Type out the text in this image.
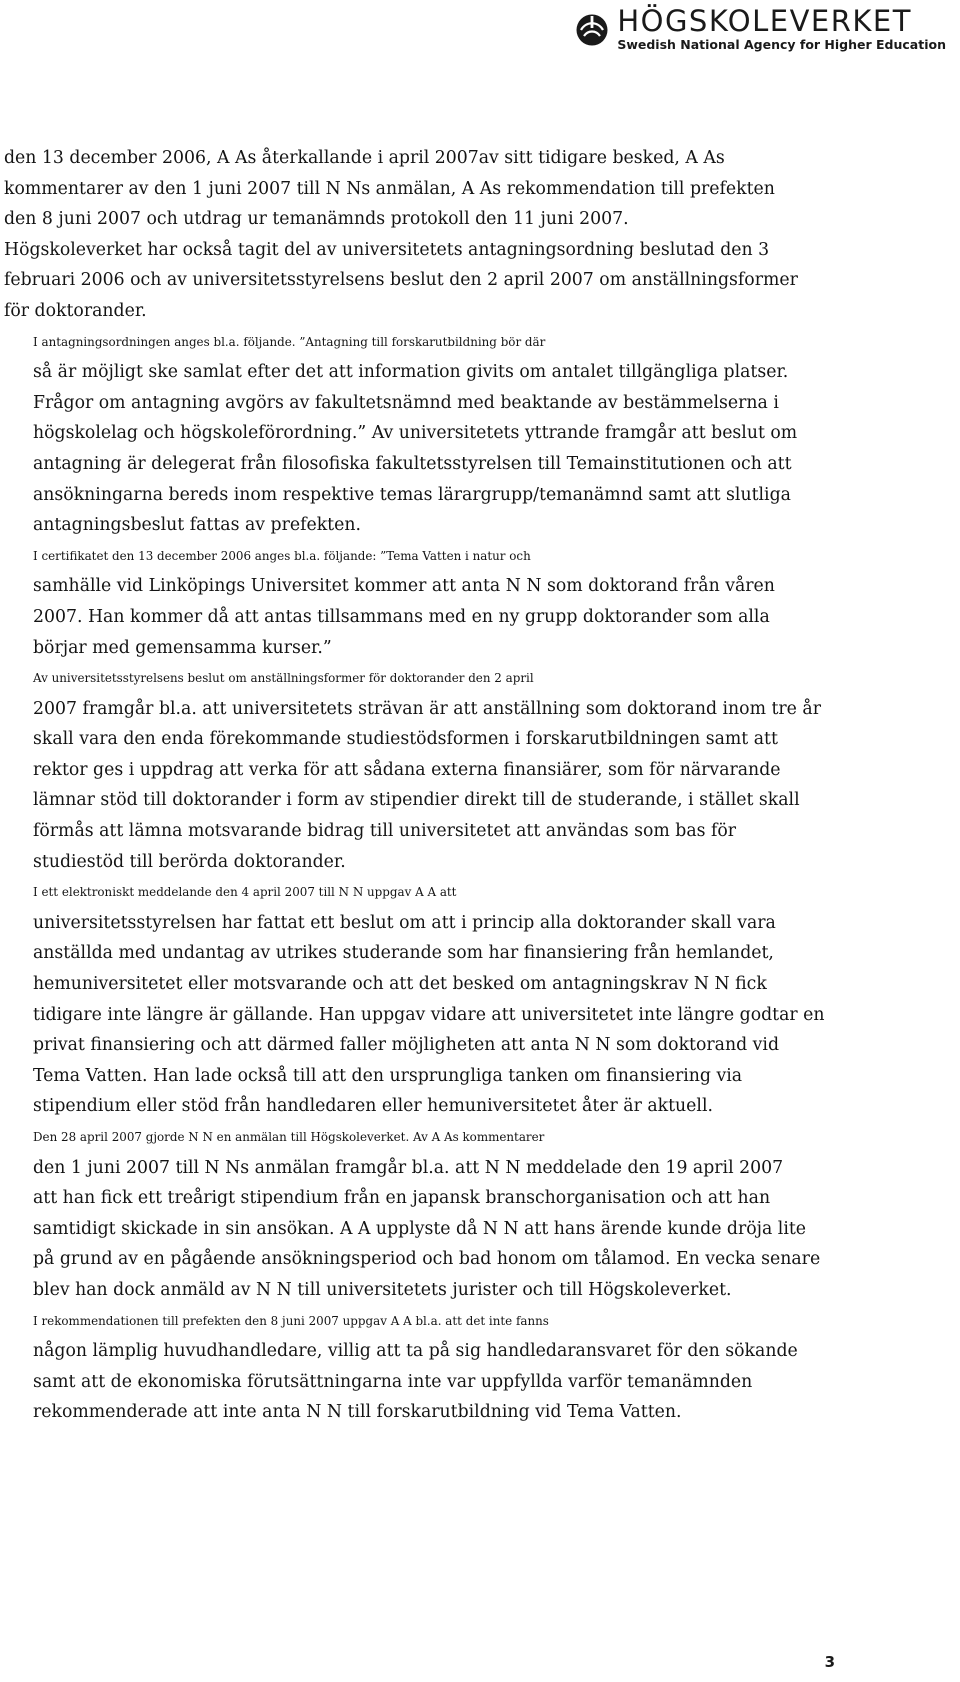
HÖGSKOLEVERKET
Swedish National Agency for Higher Education

den 13 december 2006, A As återkallande i april 2007av sitt tidigare besked, A As
kommentarer av den 1 juni 2007 till N Ns anmälan, A As rekommendation till prefekten
den 8 juni 2007 och utdrag ur temanämnds protokoll den 11 juni 2007.
Högskoleverket har också tagit del av universitetets antagningsordning beslutad den 3
februari 2006 och av universitetsstyrelsens beslut den 2 april 2007 om anställningsformer
för doktorander.

I antagningsordningen anges bl.a. följande. ”Antagning till forskarutbildning bör där
så är möjligt ske samlat efter det att information givits om antalet tillgängliga platser.
Frågor om antagning avgörs av fakultetsnämnd med beaktande av bestämmelserna i
högskolelag och högskoleförordning.” Av universitetets yttrande framgår att beslut om
antagning är delegerat från filosofiska fakultetsstyrelsen till Temainstitutionen och att
ansökningarna bereds inom respektive temas lärargrupp/temanämnd samt att slutliga
antagningsbeslut fattas av prefekten.

I certifikatet den 13 december 2006 anges bl.a. följande: ”Tema Vatten i natur och
samhälle vid Linköpings Universitet kommer att anta N N som doktorand från våren
2007. Han kommer då att antas tillsammans med en ny grupp doktorander som alla
börjar med gemensamma kurser.”

Av universitetsstyrelsens beslut om anställningsformer för doktorander den 2 april
2007 framgår bl.a. att universitetets strävan är att anställning som doktorand inom tre år
skall vara den enda förekommande studiestödsformen i forskarutbildningen samt att
rektor ges i uppdrag att verka för att sådana externa finansiärer, som för närvarande
lämnar stöd till doktorander i form av stipendier direkt till de studerande, i stället skall
förmås att lämna motsvarande bidrag till universitetet att användas som bas för
studiestöd till berörda doktorander.

I ett elektroniskt meddelande den 4 april 2007 till N N uppgav A A att
universitetsstyrelsen har fattat ett beslut om att i princip alla doktorander skall vara
anställda med undantag av utrikes studerande som har finansiering från hemlandet,
hemuniversitetet eller motsvarande och att det besked om antagningskrav N N fick
tidigare inte längre är gällande. Han uppgav vidare att universitetet inte längre godtar en
privat finansiering och att därmed faller möjligheten att anta N N som doktorand vid
Tema Vatten. Han lade också till att den ursprungliga tanken om finansiering via
stipendium eller stöd från handledaren eller hemuniversitetet åter är aktuell.

Den 28 april 2007 gjorde N N en anmälan till Högskoleverket. Av A As kommentarer
den 1 juni 2007 till N Ns anmälan framgår bl.a. att N N meddelade den 19 april 2007
att han fick ett treårigt stipendium från en japansk branschorganisation och att han
samtidigt skickade in sin ansökan. A A upplyste då N N att hans ärende kunde dröja lite
på grund av en pågående ansökningsperiod och bad honom om tålamod. En vecka senare
blev han dock anmäld av N N till universitetets jurister och till Högskoleverket.

I rekommendationen till prefekten den 8 juni 2007 uppgav A A bl.a. att det inte fanns
någon lämplig huvudhandledare, villig att ta på sig handledaransvaret för den sökande
samt att de ekonomiska förutsättningarna inte var uppfyllda varför temanämnden
rekommenderade att inte anta N N till forskarutbildning vid Tema Vatten.

3
